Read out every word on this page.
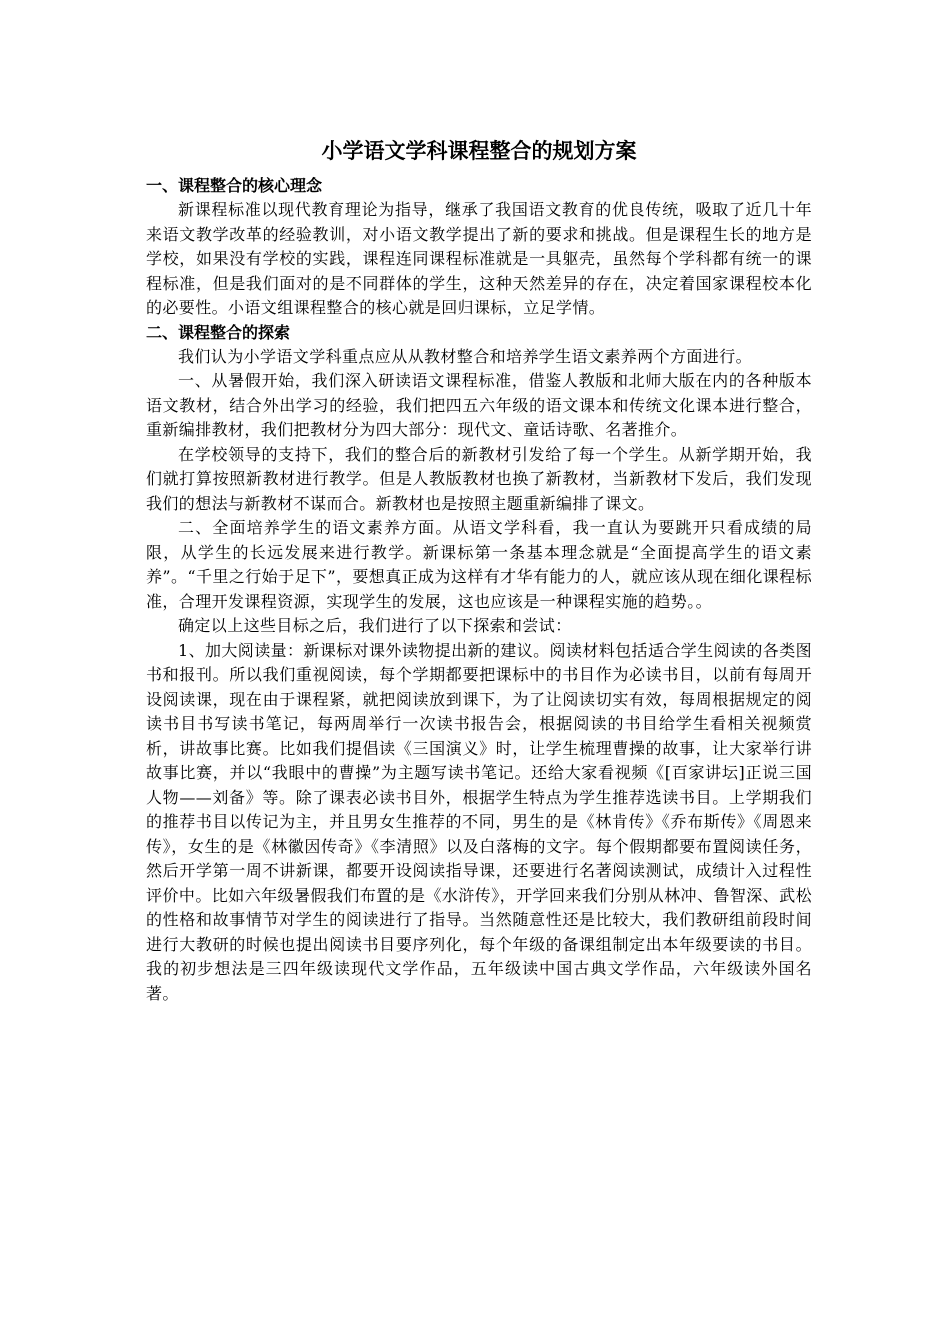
小学语文学科课程整合的规划方案
一、课程整合的核心理念

新课程标准以现代教育理论为指导，继承了我国语文教育的优良传统，吸取了近几十年来语文教学改革的经验教训，对小语文教学提出了新的要求和挑战。但是课程生长的地方是学校，如果没有学校的实践，课程连同课程标准就是一具躯壳，虽然每个学科都有统一的课程标准，但是我们面对的是不同群体的学生，这种天然差异的存在，决定着国家课程校本化的必要性。小语文组课程整合的核心就是回归课标，立足学情。

二、课程整合的探索

我们认为小学语文学科重点应从从教材整合和培养学生语文素养两个方面进行。

一、从暑假开始，我们深入研读语文课程标准，借鉴人教版和北师大版在内的各种版本语文教材，结合外出学习的经验，我们把四五六年级的语文课本和传统文化课本进行整合，重新编排教材，我们把教材分为四大部分：现代文、童话诗歌、名著推介。

在学校领导的支持下，我们的整合后的新教材引发给了每一个学生。从新学期开始，我们就打算按照新教材进行教学。但是人教版教材也换了新教材，当新教材下发后，我们发现我们的想法与新教材不谋而合。新教材也是按照主题重新编排了课文。

二、全面培养学生的语文素养方面。从语文学科看，我一直认为要跳开只看成绩的局限，从学生的长远发展来进行教学。新课标第一条基本理念就是“全面提高学生的语文素养”。“千里之行始于足下”，要想真正成为这样有才华有能力的人，就应该从现在细化课程标准，合理开发课程资源，实现学生的发展，这也应该是一种课程实施的趋势。。

确定以上这些目标之后，我们进行了以下探索和尝试：

1、加大阅读量：新课标对课外读物提出新的建议。阅读材料包括适合学生阅读的各类图书和报刊。所以我们重视阅读，每个学期都要把课标中的书目作为必读书目，以前有每周开设阅读课，现在由于课程紧，就把阅读放到课下，为了让阅读切实有效，每周根据规定的阅读书目书写读书笔记，每两周举行一次读书报告会，根据阅读的书目给学生看相关视频赏析，讲故事比赛。比如我们提倡读《三国演义》时，让学生梳理曹操的故事，让大家举行讲故事比赛，并以“我眼中的曹操”为主题写读书笔记。还给大家看视频《[百家讲坛]正说三国人物——刘备》等。除了课表必读书目外，根据学生特点为学生推荐选读书目。上学期我们的推荐书目以传记为主，并且男女生推荐的不同，男生的是《林肯传》《乔布斯传》《周恩来传》，女生的是《林徽因传奇》《李清照》以及白落梅的文字。每个假期都要布置阅读任务，然后开学第一周不讲新课，都要开设阅读指导课，还要进行名著阅读测试，成绩计入过程性评价中。比如六年级暑假我们布置的是《水浒传》，开学回来我们分别从林冲、鲁智深、武松的性格和故事情节对学生的阅读进行了指导。当然随意性还是比较大，我们教研组前段时间进行大教研的时候也提出阅读书目要序列化，每个年级的备课组制定出本年级要读的书目。我的初步想法是三四年级读现代文学作品，五年级读中国古典文学作品，六年级读外国名著。
